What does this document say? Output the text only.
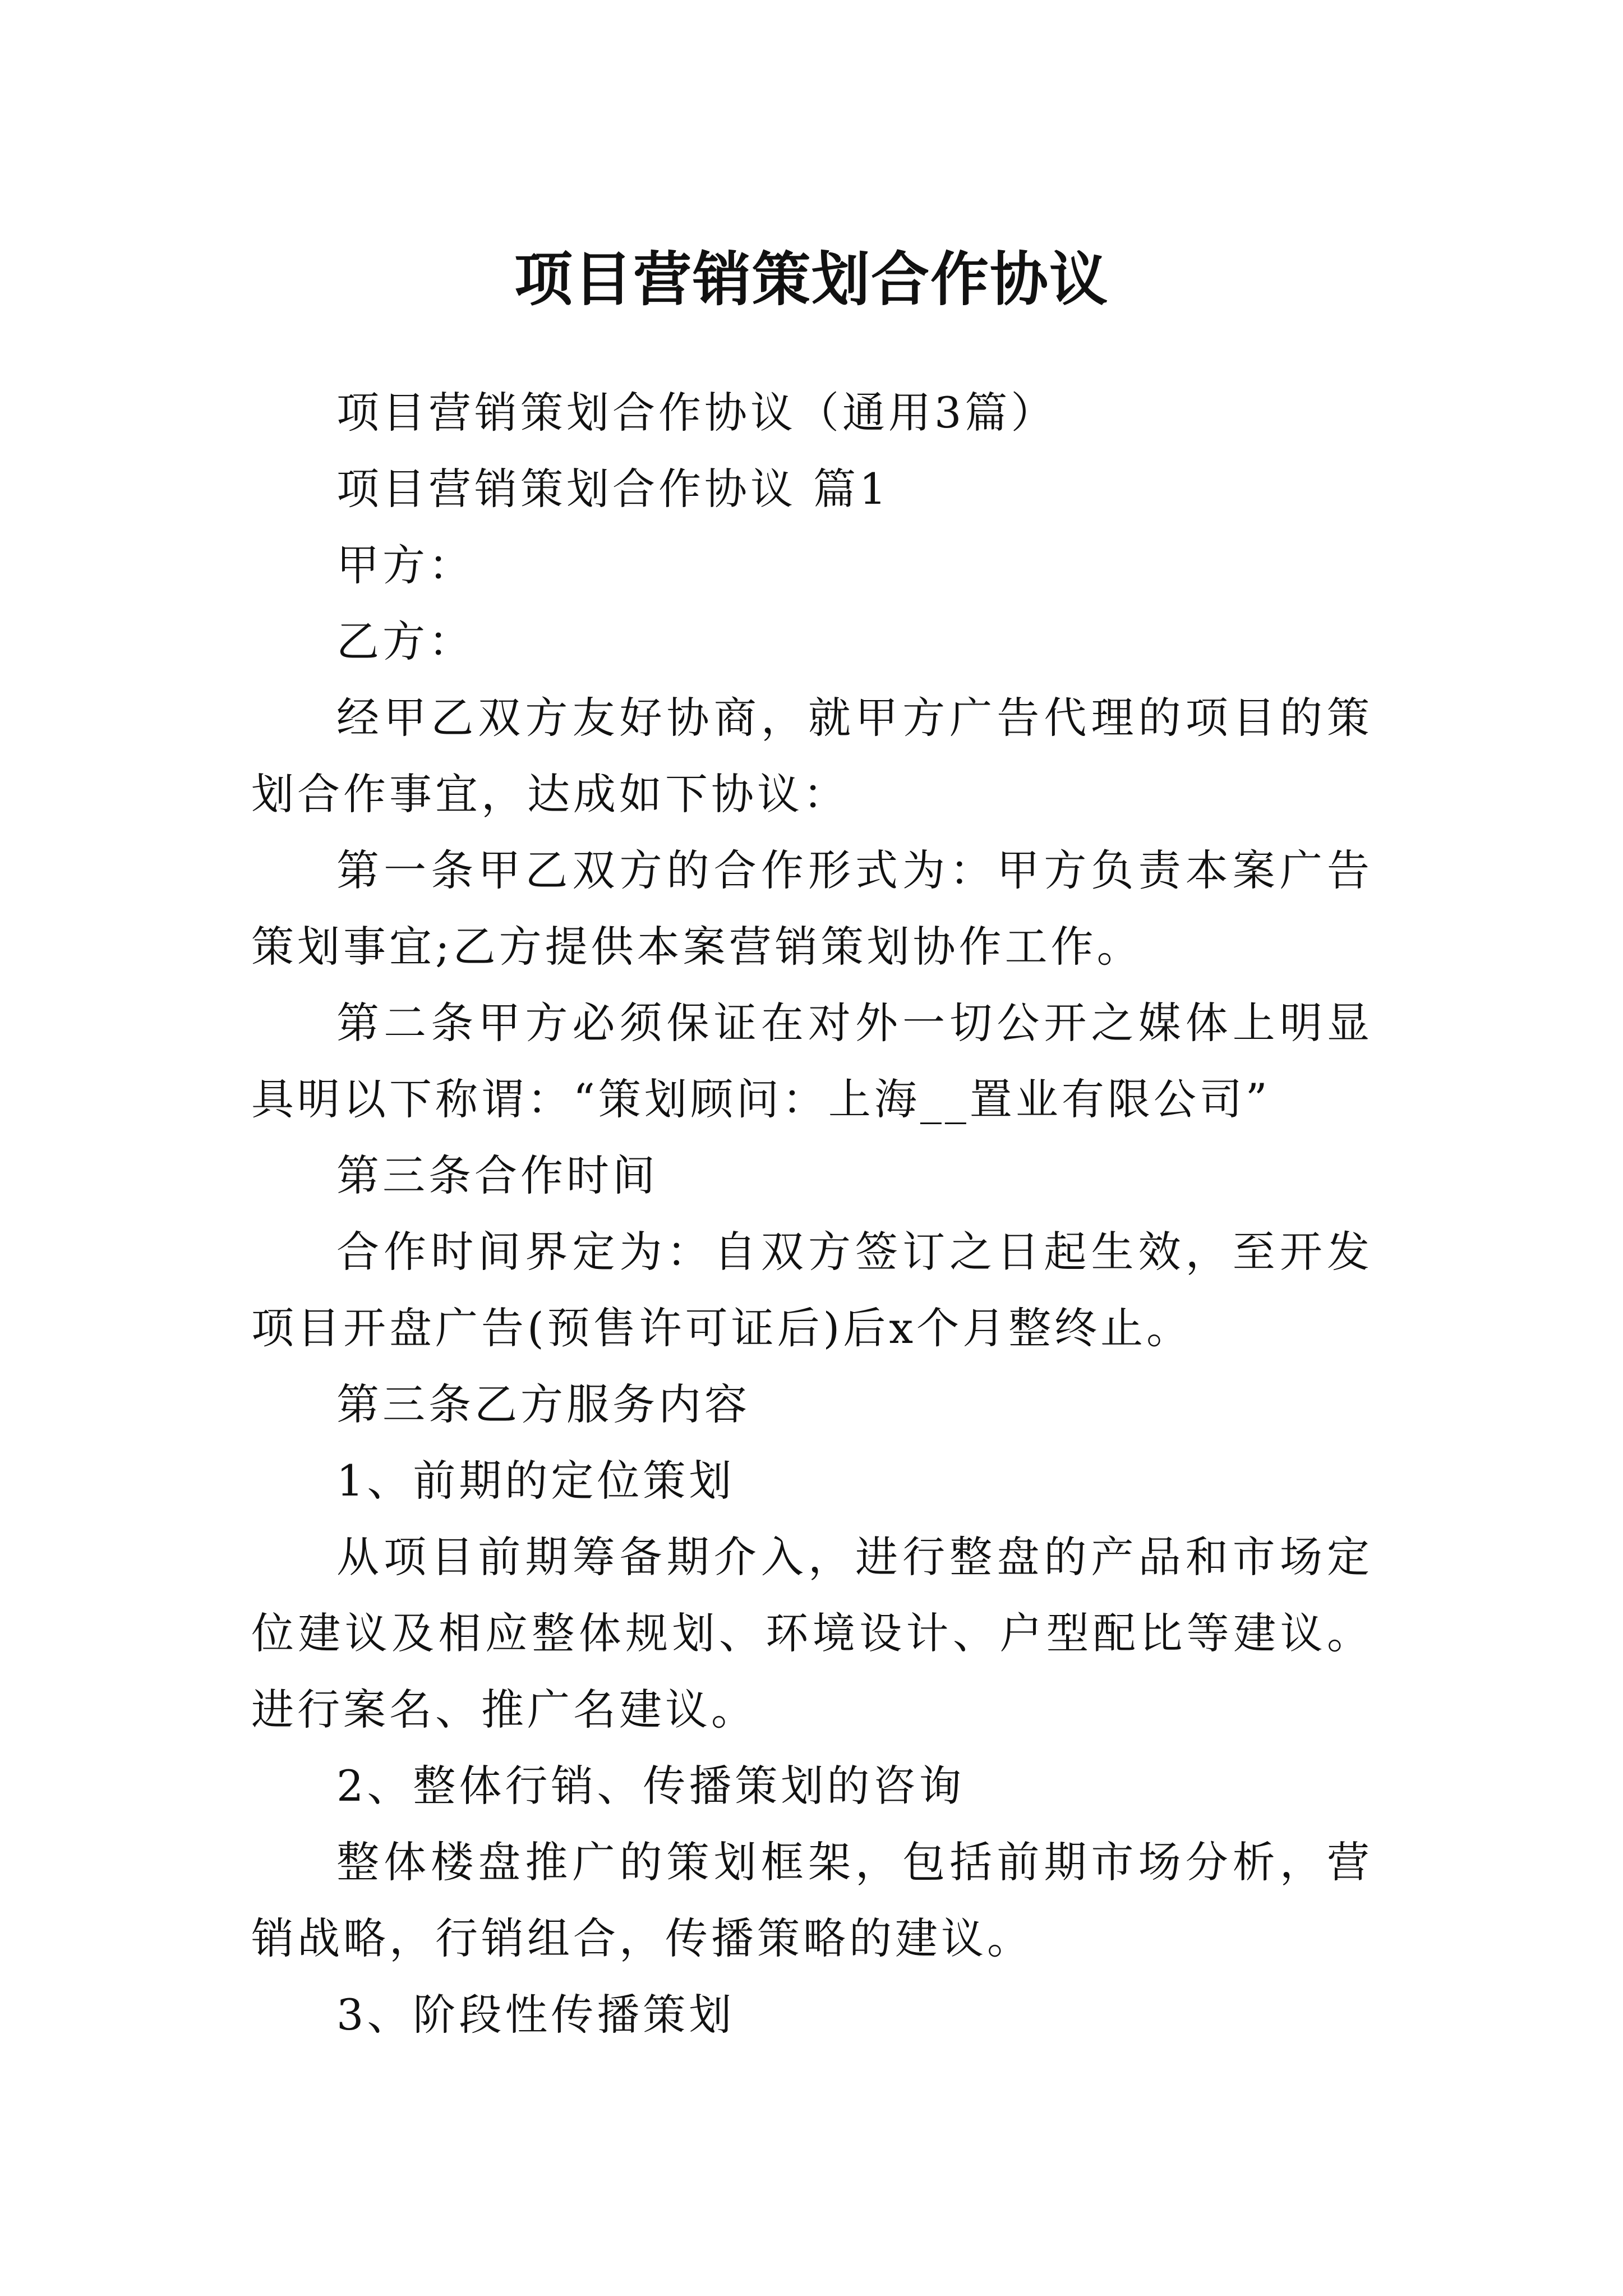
项目营销策划合作协议

项目营销策划合作协议（通用3篇）

项目营销策划合作协议 篇1

甲方：

乙方：

经甲乙双方友好协商，就甲方广告代理的项目的策划合作事宜，达成如下协议：

第一条甲乙双方的合作形式为：甲方负责本案广告策划事宜;乙方提供本案营销策划协作工作。

第二条甲方必须保证在对外一切公开之媒体上明显具明以下称谓：“策划顾问：上海__置业有限公司”

第三条合作时间

合作时间界定为：自双方签订之日起生效，至开发项目开盘广告(预售许可证后)后x个月整终止。

第三条乙方服务内容

1、前期的定位策划

从项目前期筹备期介入，进行整盘的产品和市场定位建议及相应整体规划、环境设计、户型配比等建议。进行案名、推广名建议。

2、整体行销、传播策划的咨询

整体楼盘推广的策划框架，包括前期市场分析，营销战略，行销组合，传播策略的建议。

3、阶段性传播策划
